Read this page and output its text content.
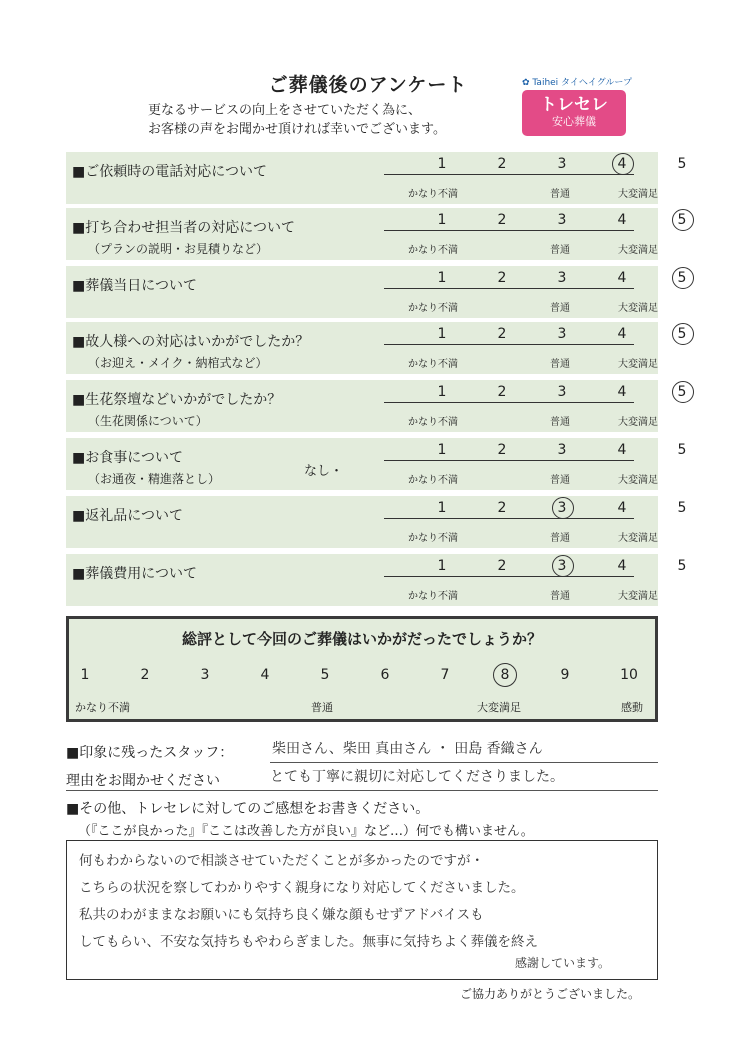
ご葬儀後のアンケート
更なるサービスの向上をさせていただく為に、
お客様の声をお聞かせ頂ければ幸いでございます。
✿ Taihei タイヘイグループ
トレセレ
安心葬儀
■ご依頼時の電話対応について	1	2	3	4	5
かなり不満	普通	大変満足
■打ち合わせ担当者の対応について
（プランの説明・お見積りなど）
1	2	3	4	5
かなり不満	普通	大変満足
■葬儀当日について	1	2	3	4	5
かなり不満	普通	大変満足
■故人様への対応はいかがでしたか？
（お迎え・メイク・納棺式など）
1	2	3	4	5
かなり不満	普通	大変満足
■生花祭壇などいかがでしたか？
（生花関係について）
1	2	3	4	5
かなり不満	普通	大変満足
■お食事について
（お通夜・精進落とし）	なし・
1	2	3	4	5
かなり不満	普通	大変満足
■返礼品について	1	2	3	4	5
かなり不満	普通	大変満足
■葬儀費用について	1	2	3	4	5
かなり不満	普通	大変満足
総評として今回のご葬儀はいかがだったでしょうか？
1	2	3	4	5	6	7	8	9	10
かなり不満	普通	大変満足	感動
■印象に残ったスタッフ：	柴田さん、柴田 真由さん ・ 田島 香織さん
理由をお聞かせください	とても丁寧に親切に対応してくださりました。
■その他、トレセレに対してのご感想をお書きください。
（『ここが良かった』『ここは改善した方が良い』など…）何でも構いません。
何もわからないので相談させていただくことが多かったのですが・
こちらの状況を察してわかりやすく親身になり対応してくださいました。
私共のわがままなお願いにも気持ち良く嫌な顔もせずアドバイスも
してもらい、不安な気持ちもやわらぎました。無事に気持ちよく葬儀を終え
感謝しています。
ご協力ありがとうございました。
